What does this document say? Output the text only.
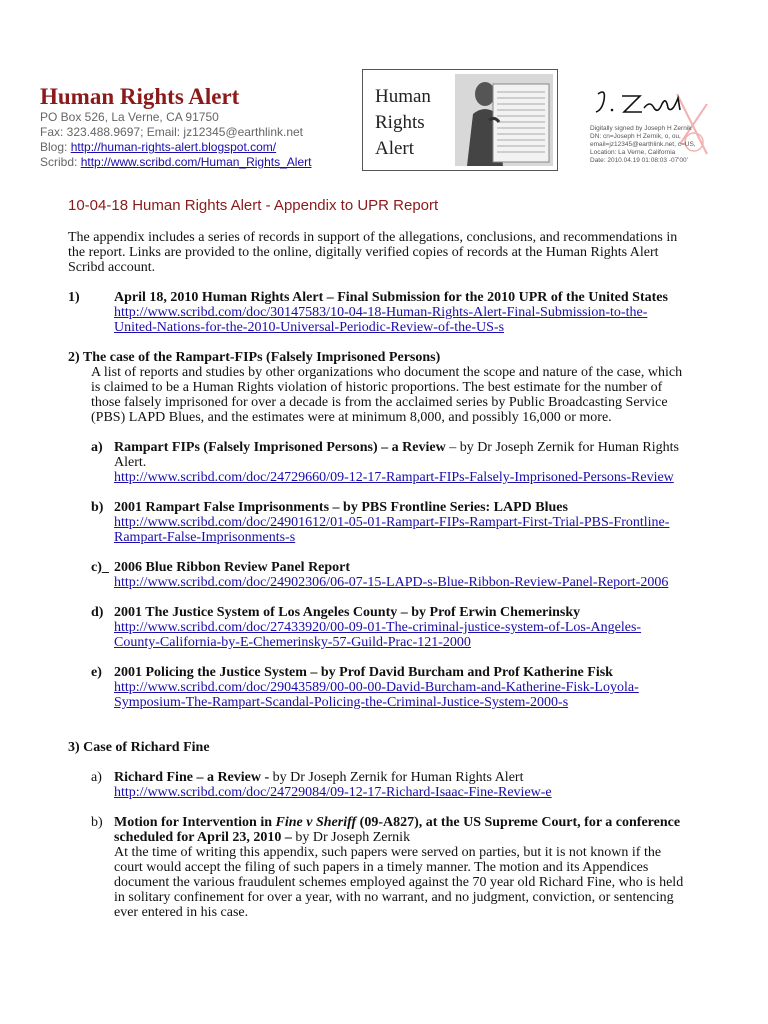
Human Rights Alert
PO Box 526, La Verne, CA 91750
Fax: 323.488.9697; Email: jz12345@earthlink.net
Blog: http://human-rights-alert.blogspot.com/
Scribd: http://www.scribd.com/Human_Rights_Alert
Human
Rights
Alert
Digitally signed by Joseph H Zernik
DN: cn=Joseph H Zernik, o, ou,
email=jz12345@earthlink.net, c=US,
Location: La Verne, California
Date: 2010.04.19 01:08:03 -07'00'
10-04-18 Human Rights Alert - Appendix to UPR Report
The appendix includes a series of records in support of the allegations, conclusions, and recommendations in
the report. Links are provided to the online, digitally verified copies of records at the Human Rights Alert
Scribd account.
1) April 18, 2010 Human Rights Alert – Final Submission for the 2010 UPR of the United States
http://www.scribd.com/doc/30147583/10-04-18-Human-Rights-Alert-Final-Submission-to-the-
United-Nations-for-the-2010-Universal-Periodic-Review-of-the-US-s
2) The case of the Rampart-FIPs (Falsely Imprisoned Persons)
A list of reports and studies by other organizations who document the scope and nature of the case, which
is claimed to be a Human Rights violation of historic proportions. The best estimate for the number of
those falsely imprisoned for over a decade is from the acclaimed series by Public Broadcasting Service
(PBS) LAPD Blues, and the estimates were at minimum 8,000, and possibly 16,000 or more.
a) Rampart FIPs (Falsely Imprisoned Persons) – a Review – by Dr Joseph Zernik for Human Rights
Alert.
http://www.scribd.com/doc/24729660/09-12-17-Rampart-FIPs-Falsely-Imprisoned-Persons-Review
b) 2001 Rampart False Imprisonments – by PBS Frontline Series: LAPD Blues
http://www.scribd.com/doc/24901612/01-05-01-Rampart-FIPs-Rampart-First-Trial-PBS-Frontline-
Rampart-False-Imprisonments-s
c)_ 2006 Blue Ribbon Review Panel Report
http://www.scribd.com/doc/24902306/06-07-15-LAPD-s-Blue-Ribbon-Review-Panel-Report-2006
d) 2001 The Justice System of Los Angeles County – by Prof Erwin Chemerinsky
http://www.scribd.com/doc/27433920/00-09-01-The-criminal-justice-system-of-Los-Angeles-
County-California-by-E-Chemerinsky-57-Guild-Prac-121-2000
e) 2001 Policing the Justice System – by Prof David Burcham and Prof Katherine Fisk
http://www.scribd.com/doc/29043589/00-00-00-David-Burcham-and-Katherine-Fisk-Loyola-
Symposium-The-Rampart-Scandal-Policing-the-Criminal-Justice-System-2000-s
3) Case of Richard Fine
a) Richard Fine – a Review - by Dr Joseph Zernik for Human Rights Alert
http://www.scribd.com/doc/24729084/09-12-17-Richard-Isaac-Fine-Review-e
b) Motion for Intervention in Fine v Sheriff (09-A827), at the US Supreme Court, for a conference
scheduled for April 23, 2010 – by Dr Joseph Zernik
At the time of writing this appendix, such papers were served on parties, but it is not known if the
court would accept the filing of such papers in a timely manner. The motion and its Appendices
document the various fraudulent schemes employed against the 70 year old Richard Fine, who is held
in solitary confinement for over a year, with no warrant, and no judgment, conviction, or sentencing
ever entered in his case.
